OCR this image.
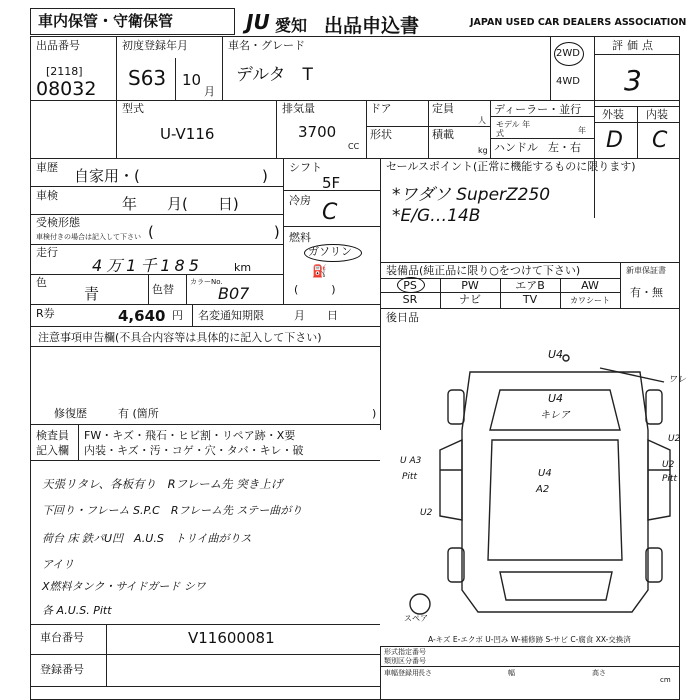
車内保管・守衛保管	JU 愛知 出品申込書	JAPAN USED CAR DEALERS ASSOCIATION
出品番号
[2118]
08032
初度登録年月
S63 10
月
車名・グレード
デルタ　T
2WD
4WD
評価点
3
型式
U-V116
排気量
3700
CC
ドア	定員
人
形状	積載
kg
ディーラー・並行
モデル 年式	年
ハンドル 左・右
外装 内装
D C
車歴 自家用・(	)
車検	年　　月(　　日)
受検形態
車検付きの場合は記入して下さい (　　　　　　　　)
走行
4万1千185	km
色
青	色替
カラーNo.
B07
シフト
5F
冷房 C
燃料
ガソリン
⛽
(　　　)
セールスポイント(正常に機能するものに限ります)
*ワダソ SuperZ250
*E/G…14B
装備品(純正品に限り○をつけて下さい)
PS	PW	エアB	AW
SR	ナビ	TV	カワシート
新車保証書
有・無
R券	4,640 円 名変通知期限	月　　日	後日品
注意事項申告欄(不具合内容等は具体的に記入して下さい)
修復歴	有 (箇所	)
検査員
記入欄
FW・キズ・飛石・ヒビ割・リペア跡・X要
内装・キズ・汚・コゲ・穴・タバ・キレ・破
天張リタレ、各板有り　Rフレーム先 突き上げ
下回り・フレーム S.P.C　Rフレーム先 ステー曲がり
荷台 床 鉄パU凹　A.U.S　トリイ曲がりス
アイリ
X燃料タンク・サイドガード シワ
各 A.U.S. Pitt
U4
ワレ
U4
キレア
U A3
Pitt
U2
U4
A2
U2
U2
Pitt
スペア
A-キズ E-エクボ U-凹み W-補修跡 S-サビ C-腐食 XX-交換済
車台番号	V11600081
登録番号
形式指定番号
類別区分番号
車幅登録用 長さ	幅	高さ
cm
